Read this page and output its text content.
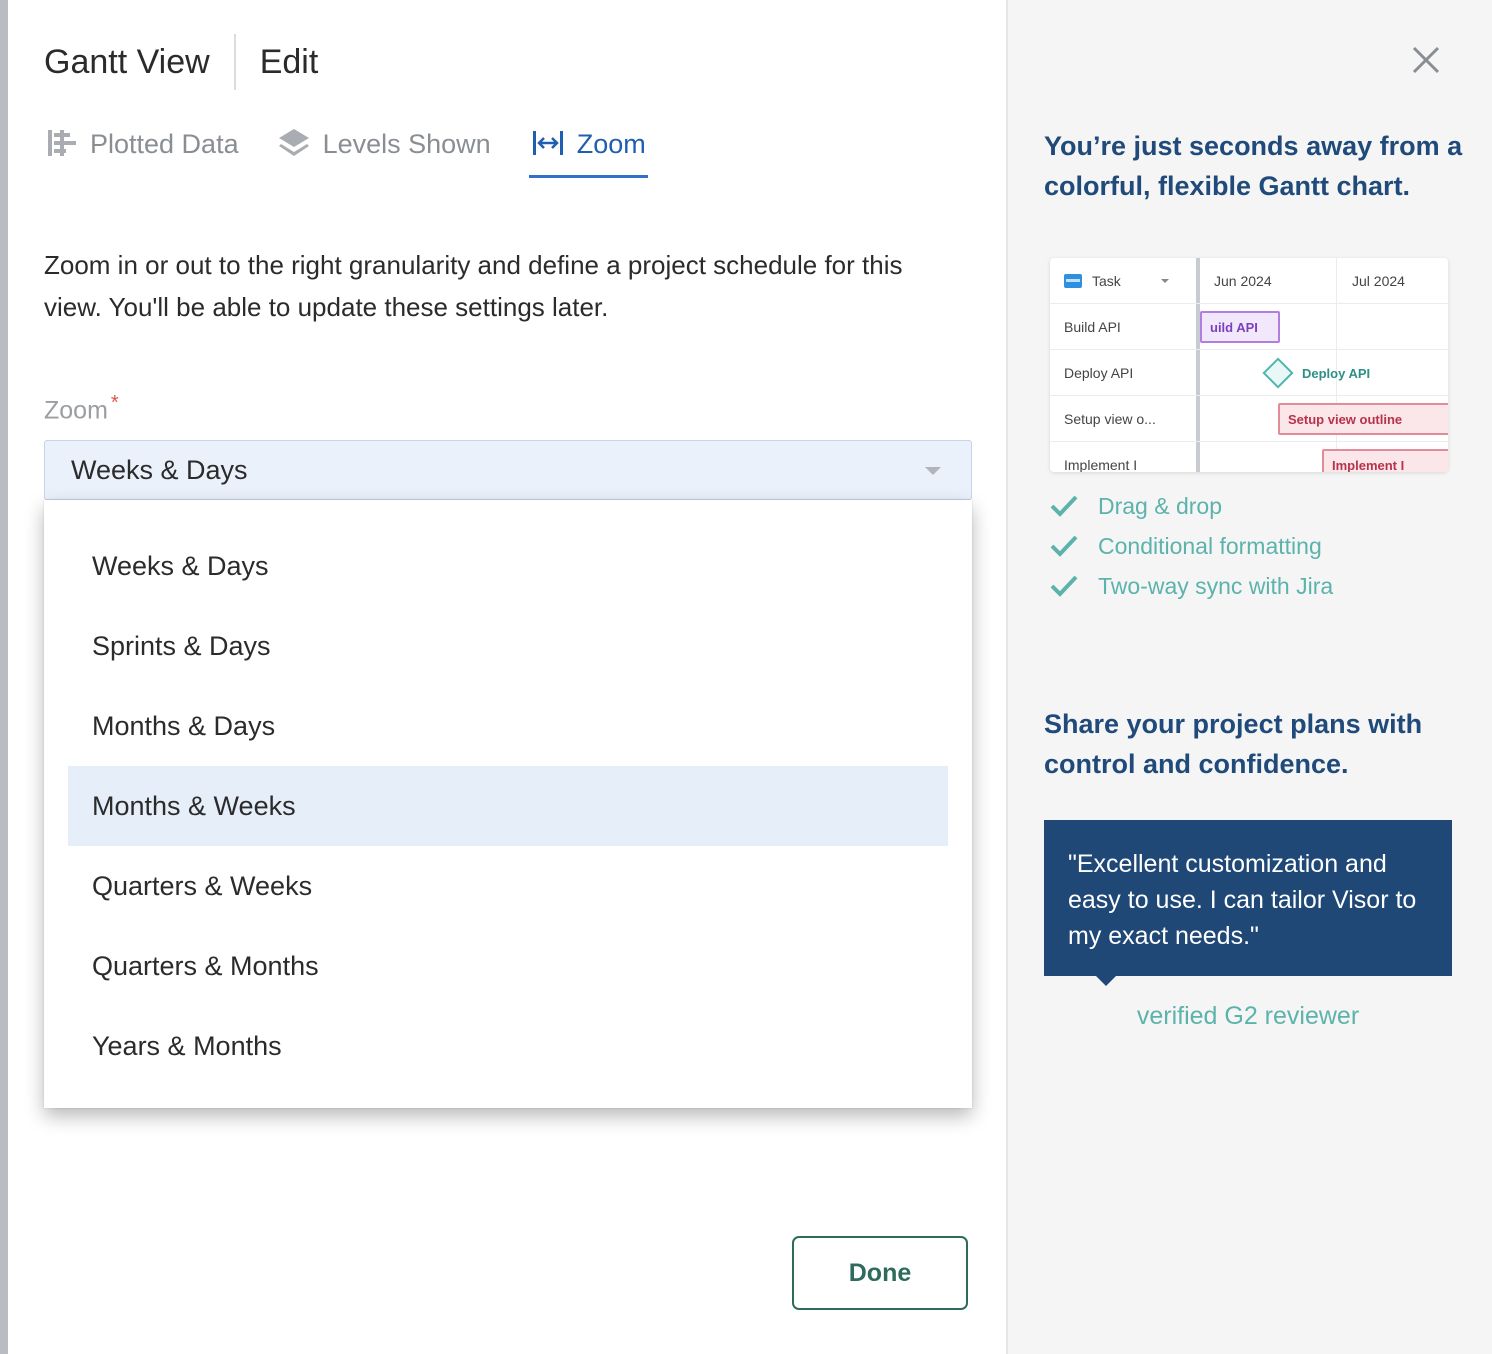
Gantt View Edit
Plotted Data	Levels Shown	Zoom

Zoom in or out to the right granularity and define a project schedule for this view. You'll be able to update these settings later.

Zoom *
Weeks & Days
Weeks & Days
Sprints & Days
Months & Days
Months & Weeks
Quarters & Weeks
Quarters & Months
Years & Months
Done
You’re just seconds away from a colorful, flexible Gantt chart.
Task	Jun 2024	Jul 2024
Build API	uild API
Deploy API	Deploy API
Setup view o...	Setup view outline
Implement I	Implement I
Drag & drop
Conditional formatting
Two-way sync with Jira
Share your project plans with control and confidence.
"Excellent customization and easy to use. I can tailor Visor to my exact needs."
verified G2 reviewer
